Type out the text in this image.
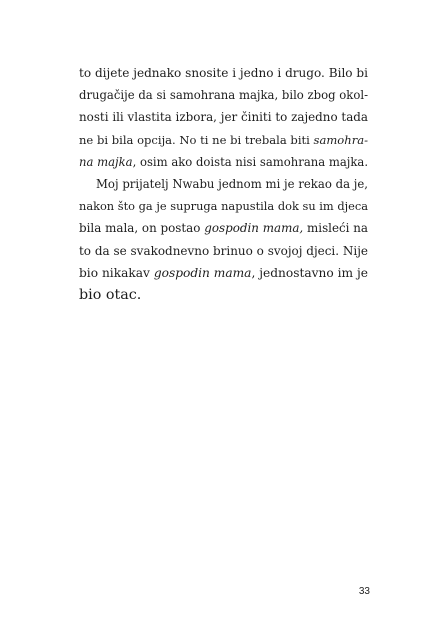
to dijete jednako snosite i jedno i drugo. Bilo bi
drugačije da si samohrana majka, bilo zbog okol-
nosti ili vlastita izbora, jer činiti to zajedno tada
ne bi bila opcija. No ti ne bi trebala biti samohra-
na majka, osim ako doista nisi samohrana majka.
Moj prijatelj Nwabu jednom mi je rekao da je,
nakon što ga je supruga napustila dok su im djeca
bila mala, on postao gospodin mama, misleći na
to da se svakodnevno brinuo o svojoj djeci. Nije
bio nikakav gospodin mama, jednostavno im je
bio otac.
33
